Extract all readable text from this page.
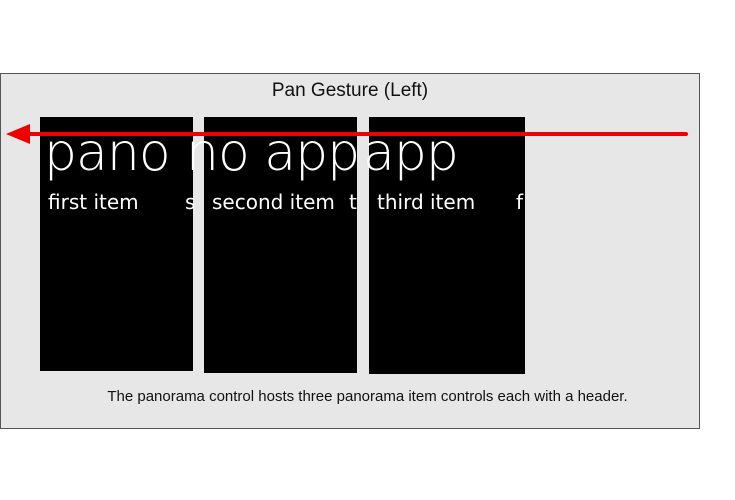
Pan Gesture (Left)
pano
first item s
no app
second item t
app
third item f
The panorama control hosts three panorama item controls each with a header.
